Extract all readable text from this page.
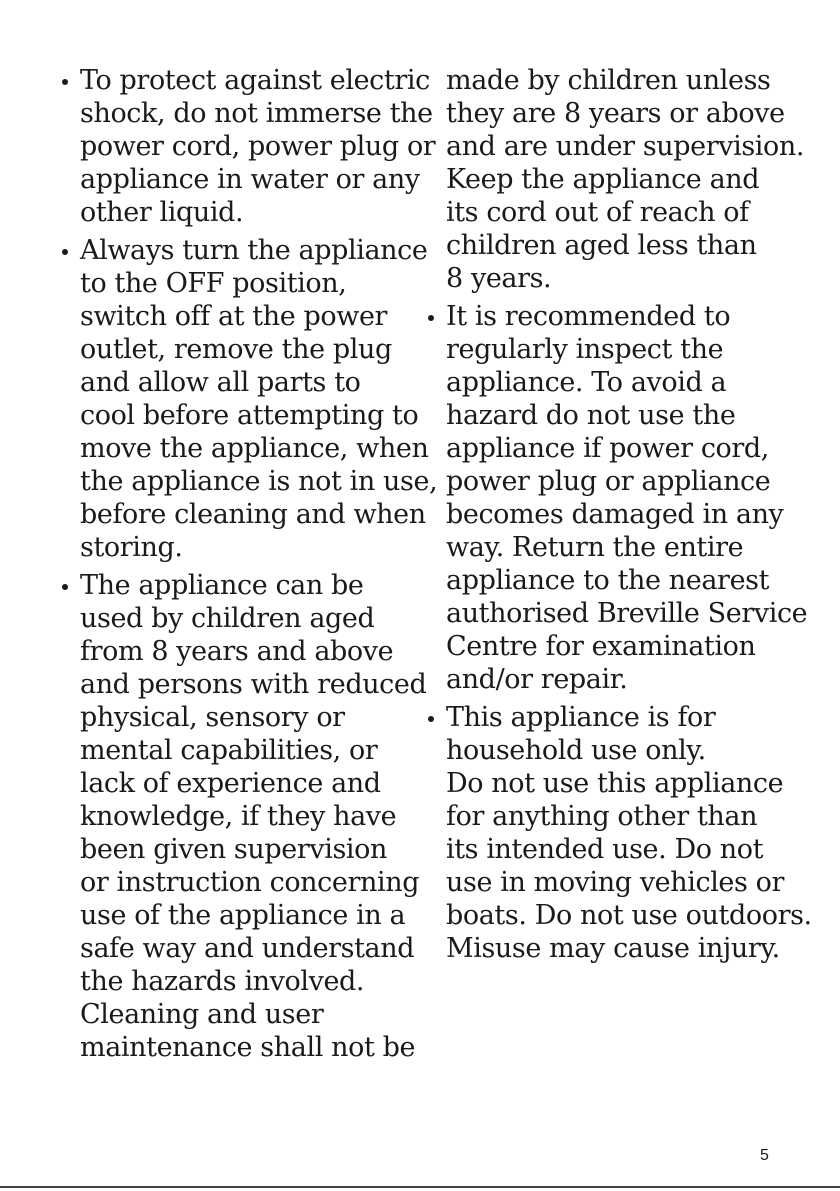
To protect against electric
shock, do not immerse the
power cord, power plug or
appliance in water or any
other liquid.
Always turn the appliance
to the OFF position,
switch off at the power
outlet, remove the plug
and allow all parts to
cool before attempting to
move the appliance, when
the appliance is not in use,
before cleaning and when
storing.
The appliance can be
used by children aged
from 8 years and above
and persons with reduced
physical, sensory or
mental capabilities, or
lack of experience and
knowledge, if they have
been given supervision
or instruction concerning
use of the appliance in a
safe way and understand
the hazards involved.
Cleaning and user
maintenance shall not be
made by children unless
they are 8 years or above
and are under supervision.
Keep the appliance and
its cord out of reach of
children aged less than
8 years.
It is recommended to
regularly inspect the
appliance. To avoid a
hazard do not use the
appliance if power cord,
power plug or appliance
becomes damaged in any
way. Return the entire
appliance to the nearest
authorised Breville Service
Centre for examination
and/or repair.
This appliance is for
household use only.
Do not use this appliance
for anything other than
its intended use. Do not
use in moving vehicles or
boats. Do not use outdoors.
Misuse may cause injury.
5
